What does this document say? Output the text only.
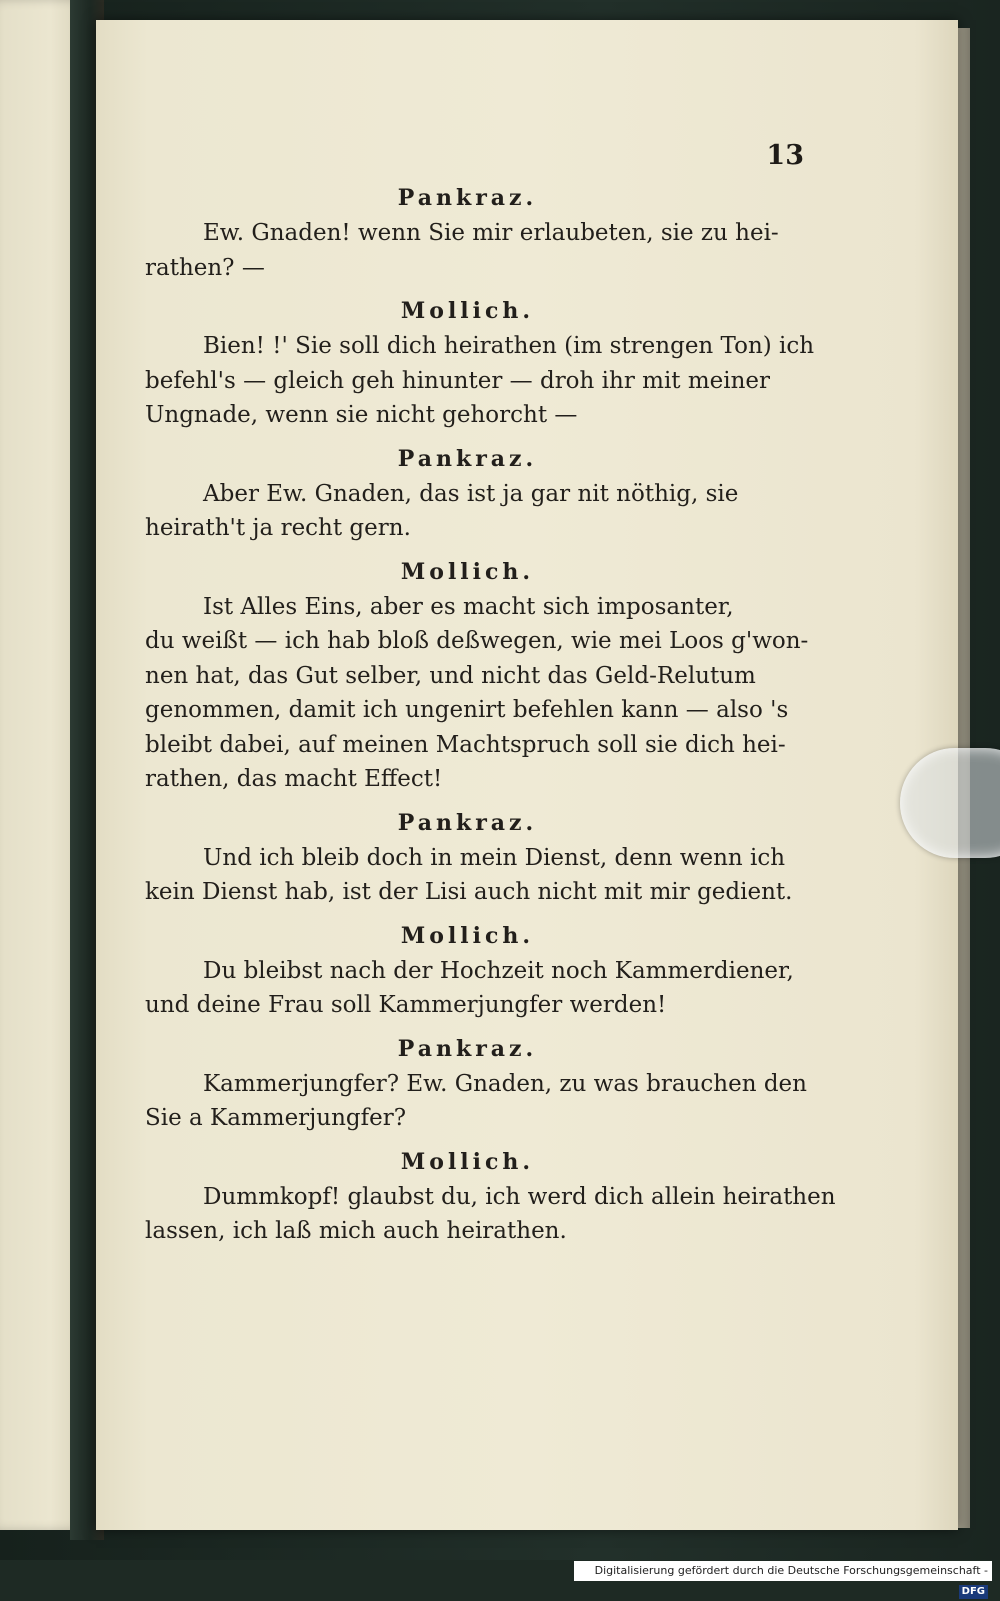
13
Pankraz.
Ew. Gnaden! wenn Sie mir erlaubeten, sie zu hei-
rathen? —
Mollich.
Bien! !' Sie soll dich heirathen (im strengen Ton) ich
befehl's — gleich geh hinunter — droh ihr mit meiner
Ungnade, wenn sie nicht gehorcht —
Pankraz.
Aber Ew. Gnaden, das ist ja gar nit nöthig, sie
heirath't ja recht gern.
Mollich.
Ist Alles Eins, aber es macht sich imposanter,
du weißt — ich hab bloß deßwegen, wie mei Loos g'won-
nen hat, das Gut selber, und nicht das Geld-Relutum
genommen, damit ich ungenirt befehlen kann — also 's
bleibt dabei, auf meinen Machtspruch soll sie dich hei-
rathen, das macht Effect!
Pankraz.
Und ich bleib doch in mein Dienst, denn wenn ich
kein Dienst hab, ist der Lisi auch nicht mit mir gedient.
Mollich.
Du bleibst nach der Hochzeit noch Kammerdiener,
und deine Frau soll Kammerjungfer werden!
Pankraz.
Kammerjungfer? Ew. Gnaden, zu was brauchen den
Sie a Kammerjungfer?
Mollich.
Dummkopf! glaubst du, ich werd dich allein heirathen
lassen, ich laß mich auch heirathen.
Digitalisierung gefördert durch die Deutsche Forschungsgemeinschaft - DFG
